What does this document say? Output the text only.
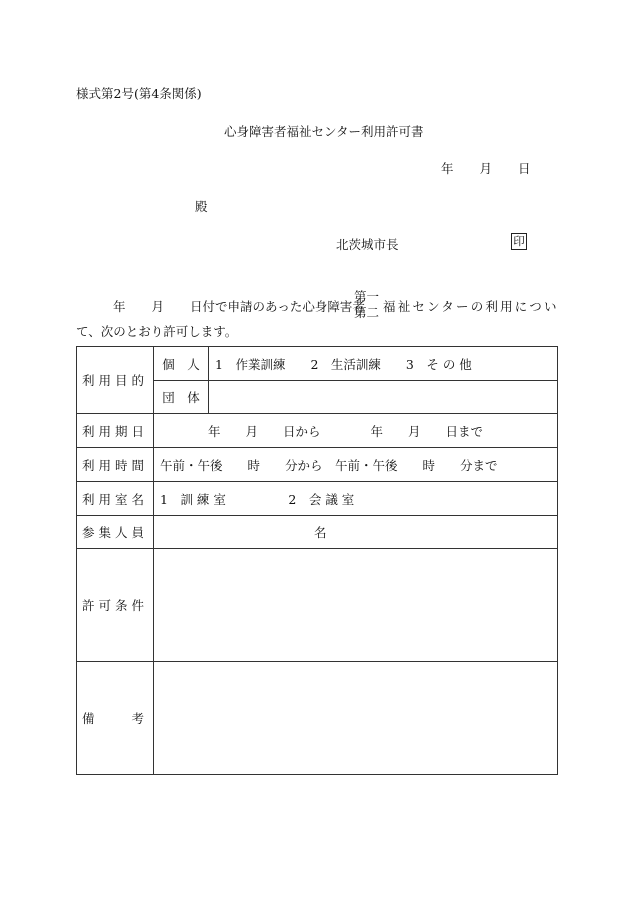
様式第2号(第4条関係)
心身障害者福祉センター利用許可書
年 月 日
殿
北茨城市長	印
年 月 日付で申請のあった心身障害者
第一
第二 福祉センターの利用につい
て、次のとおり許可します。
利用目的	個　人	1　作業訓練　　2　生活訓練　　3　そ の 他
	団　体	
利用期日	年　　月　　日から　　　　年　　月　　日まで	
利用時間	午前・午後　　時　　分から　午前・午後　　時　　分まで	
利用室名	1　訓 練 室　　　　　2　会 議 室	
参集人員	名	
許可条件		
備　　考		
